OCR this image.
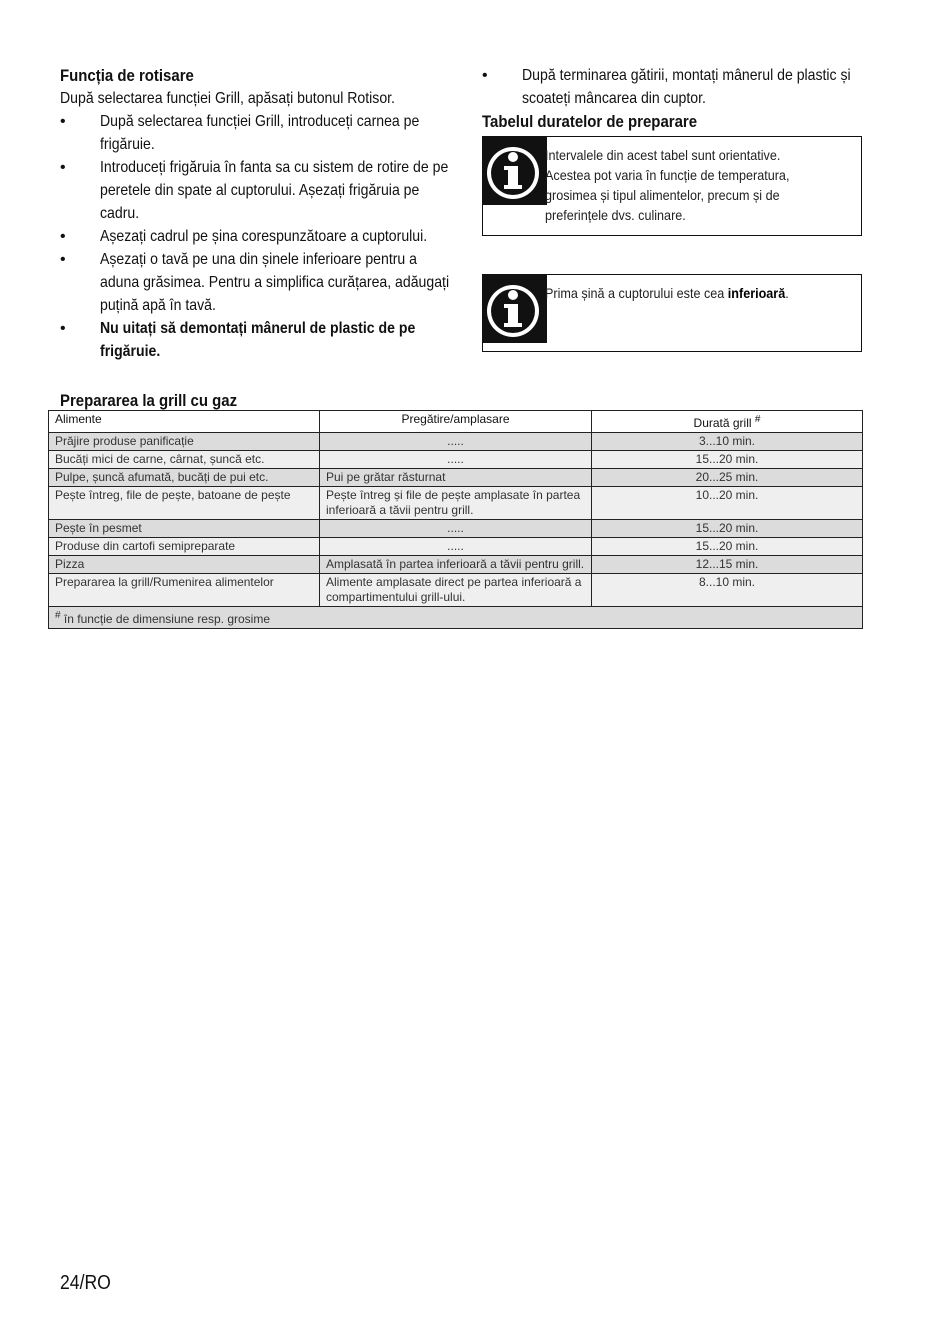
Funcția de rotisare

După selectarea funcției Grill, apăsați butonul Rotisor.

• După selectarea funcției Grill, introduceți carnea pe frigăruie.
• Introduceți frigăruia în fanta sa cu sistem de rotire de pe peretele din spate al cuptorului. Așezați frigăruia pe cadru.
• Așezați cadrul pe șina corespunzătoare a cuptorului.
• Așezați o tavă pe una din șinele inferioare pentru a aduna grăsimea. Pentru a simplifica curățarea, adăugați puțină apă în tavă.
• Nu uitați să demontați mânerul de plastic de pe frigăruie.
• După terminarea gătirii, montați mânerul de plastic și scoateți mâncarea din cuptor.

Tabelul duratelor de preparare

Intervalele din acest tabel sunt orientative. Acestea pot varia în funcție de temperatura, grosimea și tipul alimentelor, precum și de preferințele dvs. culinare.
Prima șină a cuptorului este cea inferioară.

Prepararea la grill cu gaz

Alimente	Pregătire/amplasare	Durată grill #
Prăjire produse panificație	.....	3...10 min.
Bucăți mici de carne, cârnat, șuncă etc.	.....	15...20 min.
Pulpe, șuncă afumată, bucăți de pui etc.	Pui pe grătar răsturnat	20...25 min.
Pește întreg, file de pește, batoane de pește	Pește întreg și file de pește amplasate în partea inferioară a tăvii pentru grill.	10...20 min.
Pește în pesmet	.....	15...20 min.
Produse din cartofi semipreparate	.....	15...20 min.
Pizza	Amplasată în partea inferioară a tăvii pentru grill.	12...15 min.
Prepararea la grill/Rumenirea alimentelor	Alimente amplasate direct pe partea inferioară a compartimentului grill-ului.	8...10 min.
# în funcție de dimensiune resp. grosime		
24/RO
